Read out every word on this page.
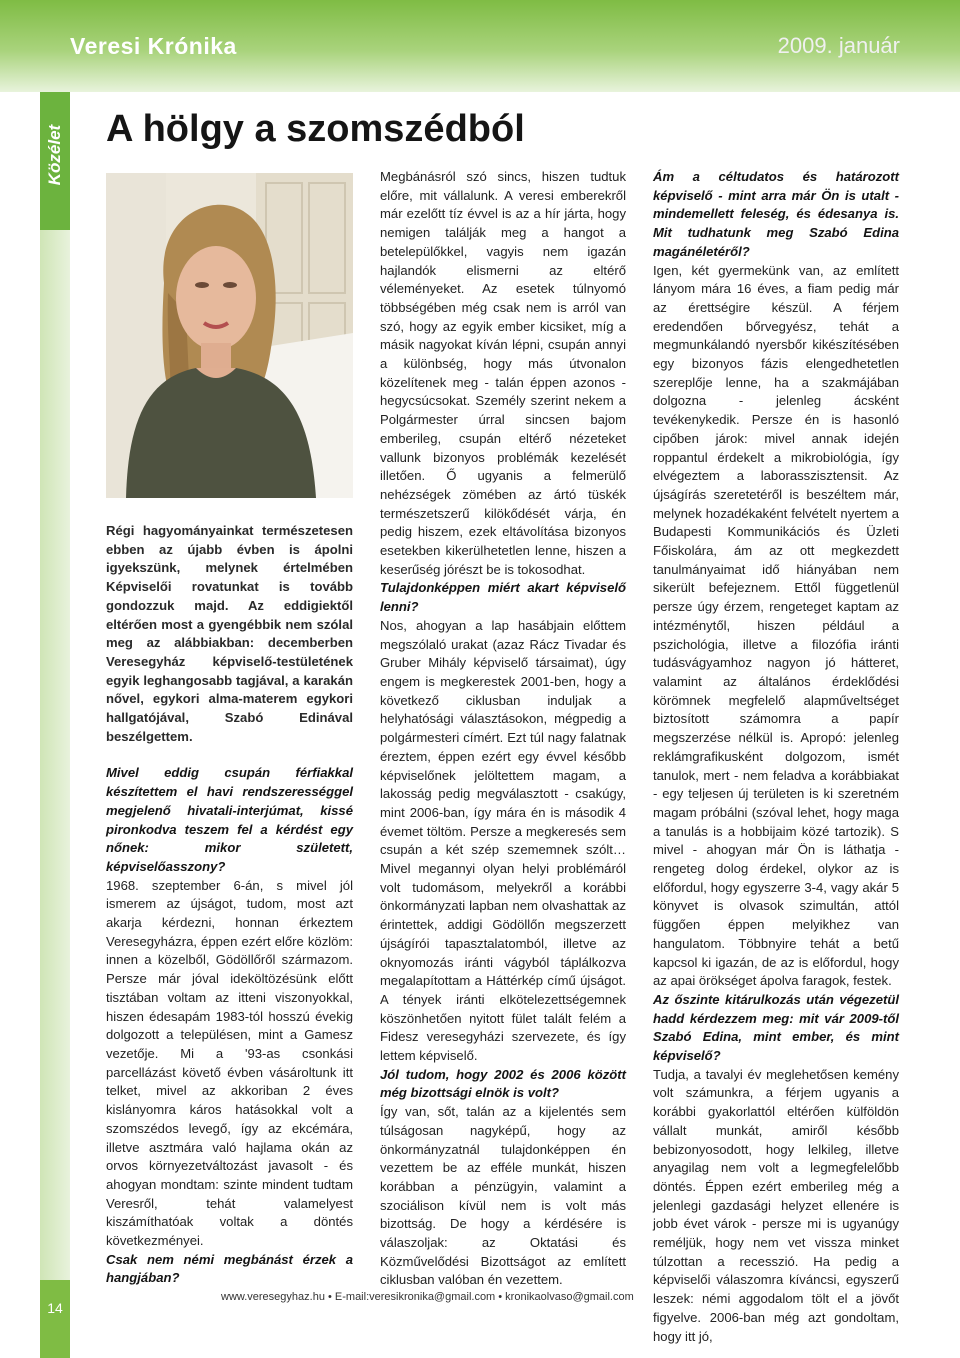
Veresi Krónika	2009. január
Közélet
14
A hölgy a szomszédból

Régi hagyományainkat természetesen ebben az újabb évben is ápolni igyekszünk, melynek értelmében Képviselői rovatunkat is tovább gondozzuk majd. Az eddigiektől eltérően most a gyengébbik nem szólal meg az alábbiakban: decemberben Veresegyház képviselő-testületének egyik leghangosabb tagjával, a karakán nővel, egykori alma-materem egykori hallgatójával, Szabó Edinával beszélgettem.

Mivel eddig csupán férfiakkal készítettem el havi rendszerességgel megjelenő hivatali-interjúmat, kissé pironkodva teszem fel a kérdést egy nőnek: mikor született, képviselőasszony?

1968. szeptember 6-án, s mivel jól ismerem az újságot, tudom, most azt akarja kérdezni, honnan érkeztem Veresegyházra, éppen ezért előre közlöm: innen a közelből, Gödöllőről származom. Persze már jóval ideköltözésünk előtt tisztában voltam az itteni viszonyokkal, hiszen édesapám 1983-tól hosszú évekig dolgozott a településen, mint a Gamesz vezetője. Mi a '93-as csonkási parcellázást követő évben vásároltunk itt telket, mivel az akkoriban 2 éves kislányomra káros hatásokkal volt a szomszédos levegő, így az ekcémára, illetve asztmára való hajlama okán az orvos környezetváltozást javasolt - és ahogyan mondtam: szinte mindent tudtam Veresről, tehát valamelyest kiszámíthatóak voltak a döntés következményei.

Csak nem némi megbánást érzek a hangjában?

Megbánásról szó sincs, hiszen tudtuk előre, mit vállalunk. A veresi emberekről már ezelőtt tíz évvel is az a hír járta, hogy nemigen találják meg a hangot a betelepülőkkel, vagyis nem igazán hajlandók elismerni az eltérő véleményeket. Az esetek túlnyomó többségében még csak nem is arról van szó, hogy az egyik ember kicsiket, míg a másik nagyokat kíván lépni, csupán annyi a különbség, hogy más útvonalon közelítenek meg - talán éppen azonos - hegycsúcsokat. Személy szerint nekem a Polgármester úrral sincsen bajom emberileg, csupán eltérő nézeteket vallunk bizonyos problémák kezelését illetően. Ő ugyanis a felmerülő nehézségek zömében az ártó tüskék természetszerű kilökődését várja, én pedig hiszem, ezek eltávolítása bizonyos esetekben kikerülhetetlen lenne, hiszen a keserűség jórészt be is tokosodhat.

Tulajdonképpen miért akart képviselő lenni?

Nos, ahogyan a lap hasábjain előttem megszólaló urakat (azaz Rácz Tivadar és Gruber Mihály képviselő társaimat), úgy engem is megkerestek 2001-ben, hogy a következő ciklusban induljak a helyhatósági választásokon, mégpedig a polgármesteri címért. Ezt túl nagy falatnak éreztem, éppen ezért egy évvel később képviselőnek jelöltettem magam, a lakosság pedig megválasztott - csakúgy, mint 2006-ban, így mára én is második 4 évemet töltöm. Persze a megkeresés sem csupán a két szép szememnek szólt… Mivel megannyi olyan helyi problémáról volt tudomásom, melyekről a korábbi önkormányzati lapban nem olvashattak az érintettek, addigi Gödöllőn megszerzett újságírói tapasztalatomból, illetve az oknyomozás iránti vágyból táplálkozva megalapítottam a Háttérkép című újságot. A tények iránti elkötelezettségemnek köszönhetően nyitott fület talált felém a Fidesz veresegyházi szervezete, és így lettem képviselő.

Jól tudom, hogy 2002 és 2006 között még bizottsági elnök is volt?

Így van, sőt, talán az a kijelentés sem túlságosan nagyképű, hogy az önkormányzatnál tulajdonképpen én vezettem be az efféle munkát, hiszen korábban a pénzügyin, valamint a szociálison kívül nem is volt más bizottság. De hogy a kérdésére is válaszoljak: az Oktatási és Közművelődési Bizottságot az említett ciklusban valóban én vezettem.

Ám a céltudatos és határozott képviselő - mint arra már Ön is utalt - mindemellett feleség, és édesanya is. Mit tudhatunk meg Szabó Edina magánéletéről?

Igen, két gyermekünk van, az említett lányom mára 16 éves, a fiam pedig már az érettségire készül. A férjem eredendően bőrvegyész, tehát a megmunkálandó nyersbőr kikészítésében egy bizonyos fázis elengedhetetlen szereplője lenne, ha a szakmájában dolgozna - jelenleg ácsként tevékenykedik. Persze én is hasonló cipőben járok: mivel annak idején roppantul érdekelt a mikrobiológia, így elvégeztem a laborasszisztensit. Az újságírás szeretetéről is beszéltem már, melynek hozadékaként felvételt nyertem a Budapesti Kommunikációs és Üzleti Főiskolára, ám az ott megkezdett tanulmányaimat idő hiányában nem sikerült befejeznem. Ettől függetlenül persze úgy érzem, rengeteget kaptam az intézménytől, hiszen például a pszichológia, illetve a filozófia iránti tudásvágyamhoz nagyon jó hátteret, valamint az általános érdeklődési körömnek megfelelő alapműveltséget biztosított számomra a papír megszerzése nélkül is. Apropó: jelenleg reklámgrafikusként dolgozom, ismét tanulok, mert - nem feladva a korábbiakat - egy teljesen új területen is ki szeretném magam próbálni (szóval lehet, hogy maga a tanulás is a hobbijaim közé tartozik). S mivel - ahogyan már Ön is láthatja - rengeteg dolog érdekel, olykor az is előfordul, hogy egyszerre 3-4, vagy akár 5 könyvet is olvasok szimultán, attól függően éppen melyikhez van hangulatom. Többnyire tehát a betű kapcsol ki igazán, de az is előfordul, hogy az apai örökséget ápolva faragok, festek.

Az őszinte kitárulkozás után végezetül hadd kérdezzem meg: mit vár 2009-től Szabó Edina, mint ember, és mint képviselő?

Tudja, a tavalyi év meglehetősen kemény volt számunkra, a férjem ugyanis a korábbi gyakorlattól eltérően külföldön vállalt munkát, amiről később bebizonyosodott, hogy lelkileg, illetve anyagilag nem volt a legmegfelelőbb döntés. Éppen ezért emberileg még a jelenlegi gazdasági helyzet ellenére is jobb évet várok - persze mi is ugyanúgy reméljük, hogy nem vet vissza minket túlzottan a recesszió. Ha pedig a képviselői válaszomra kíváncsi, egyszerű leszek: némi aggodalom tölt el a jövőt figyelve. 2006-ban még azt gondoltam, hogy itt jó,

www.veresegyhaz.hu • E-mail:veresikronika@gmail.com • kronikaolvaso@gmail.com
